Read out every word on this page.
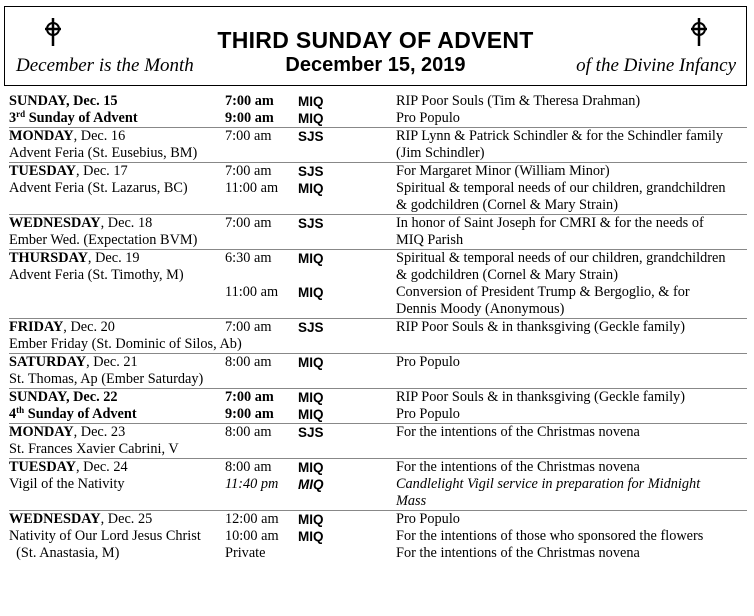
THIRD SUNDAY OF ADVENT
December 15, 2019
December is the Month	of the Divine Infancy
SUNDAY, Dec. 15	7:00 am MIQ	RIP Poor Souls (Tim & Theresa Drahman)
3rd Sunday of Advent	9:00 am MIQ	Pro Populo
MONDAY, Dec. 16	7:00 am SJS	RIP Lynn & Patrick Schindler & for the Schindler family
Advent Feria (St. Eusebius, BM)	(Jim Schindler)
TUESDAY, Dec. 17	7:00 am SJS	For Margaret Minor (William Minor)
Advent Feria (St. Lazarus, BC)	11:00 am MIQ	Spiritual & temporal needs of our children, grandchildren
& godchildren (Cornel & Mary Strain)
WEDNESDAY, Dec. 18	7:00 am SJS	In honor of Saint Joseph for CMRI & for the needs of
Ember Wed. (Expectation BVM)	MIQ Parish
THURSDAY, Dec. 19	6:30 am MIQ	Spiritual & temporal needs of our children, grandchildren
Advent Feria (St. Timothy, M)	& godchildren (Cornel & Mary Strain)
11:00 am MIQ	Conversion of President Trump & Bergoglio, & for
Dennis Moody (Anonymous)
FRIDAY, Dec. 20	7:00 am SJS	RIP Poor Souls & in thanksgiving (Geckle family)
Ember Friday (St. Dominic of Silos, Ab)
SATURDAY, Dec. 21	8:00 am MIQ	Pro Populo
St. Thomas, Ap (Ember Saturday)
SUNDAY, Dec. 22	7:00 am MIQ	RIP Poor Souls & in thanksgiving (Geckle family)
4th Sunday of Advent	9:00 am MIQ	Pro Populo
MONDAY, Dec. 23	8:00 am SJS	For the intentions of the Christmas novena
St. Frances Xavier Cabrini, V
TUESDAY, Dec. 24	8:00 am MIQ	For the intentions of the Christmas novena
Vigil of the Nativity	11:40 pm MIQ	Candlelight Vigil service in preparation for Midnight
Mass
WEDNESDAY, Dec. 25	12:00 am MIQ	Pro Populo
Nativity of Our Lord Jesus Christ 10:00 am MIQ	For the intentions of those who sponsored the flowers
(St. Anastasia, M)	Private	For the intentions of the Christmas novena
